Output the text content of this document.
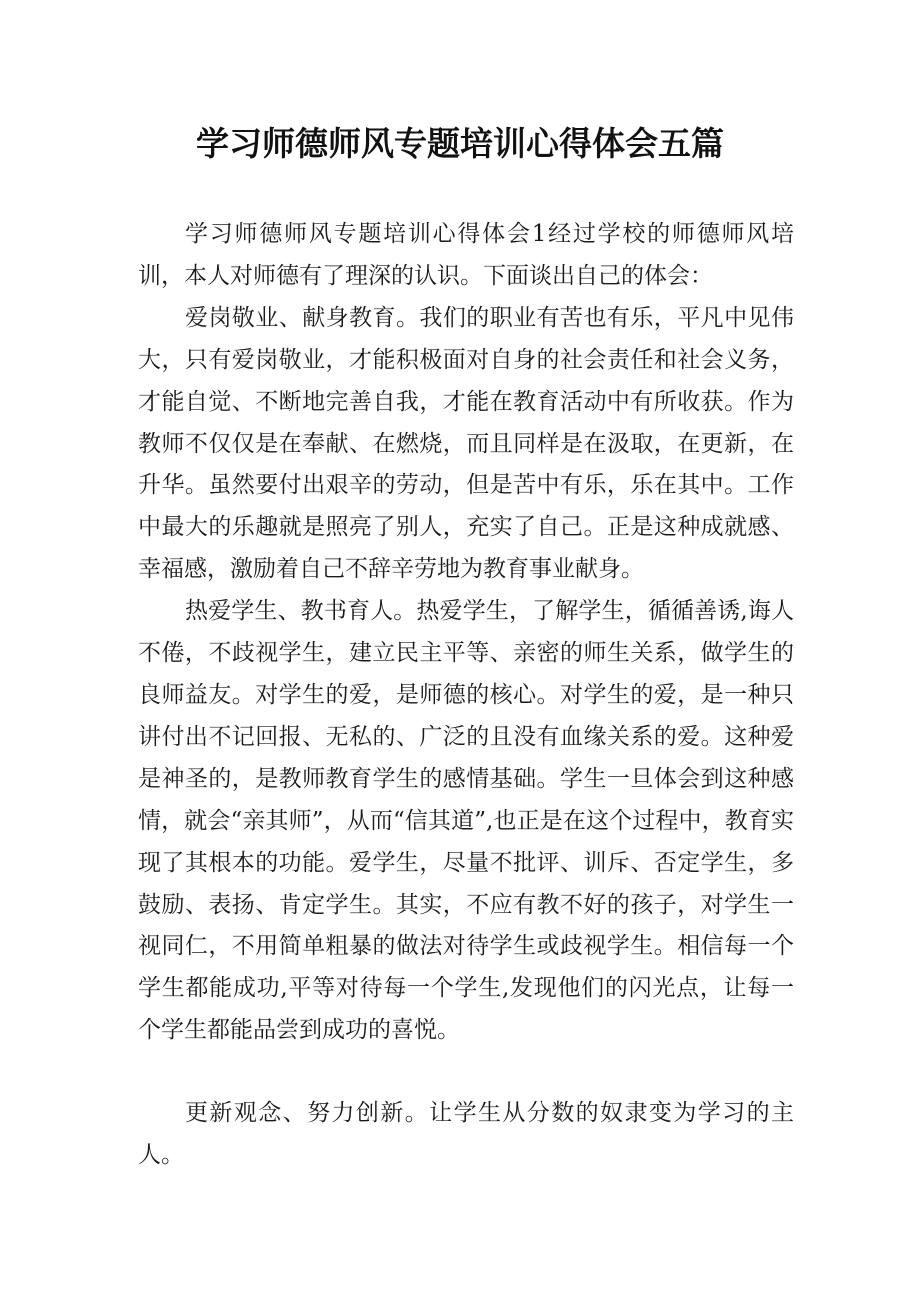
学习师德师风专题培训心得体会五篇

学习师德师风专题培训心得体会1经过学校的师德师风培训，本人对师德有了理深的认识。下面谈出自己的体会：

爱岗敬业、献身教育。我们的职业有苦也有乐，平凡中见伟大，只有爱岗敬业，才能积极面对自身的社会责任和社会义务，才能自觉、不断地完善自我，才能在教育活动中有所收获。作为教师不仅仅是在奉献、在燃烧，而且同样是在汲取，在更新，在升华。虽然要付出艰辛的劳动，但是苦中有乐，乐在其中。工作中最大的乐趣就是照亮了别人，充实了自己。正是这种成就感、幸福感，激励着自己不辞辛劳地为教育事业献身。

热爱学生、教书育人。热爱学生，了解学生，循循善诱,诲人不倦，不歧视学生，建立民主平等、亲密的师生关系，做学生的良师益友。对学生的爱，是师德的核心。对学生的爱，是一种只讲付出不记回报、无私的、广泛的且没有血缘关系的爱。这种爱是神圣的，是教师教育学生的感情基础。学生一旦体会到这种感情，就会“亲其师”，从而“信其道”,也正是在这个过程中，教育实现了其根本的功能。爱学生，尽量不批评、训斥、否定学生，多鼓励、表扬、肯定学生。其实，不应有教不好的孩子，对学生一视同仁，不用简单粗暴的做法对待学生或歧视学生。相信每一个学生都能成功,平等对待每一个学生,发现他们的闪光点，让每一个学生都能品尝到成功的喜悦。

更新观念、努力创新。让学生从分数的奴隶变为学习的主人。
